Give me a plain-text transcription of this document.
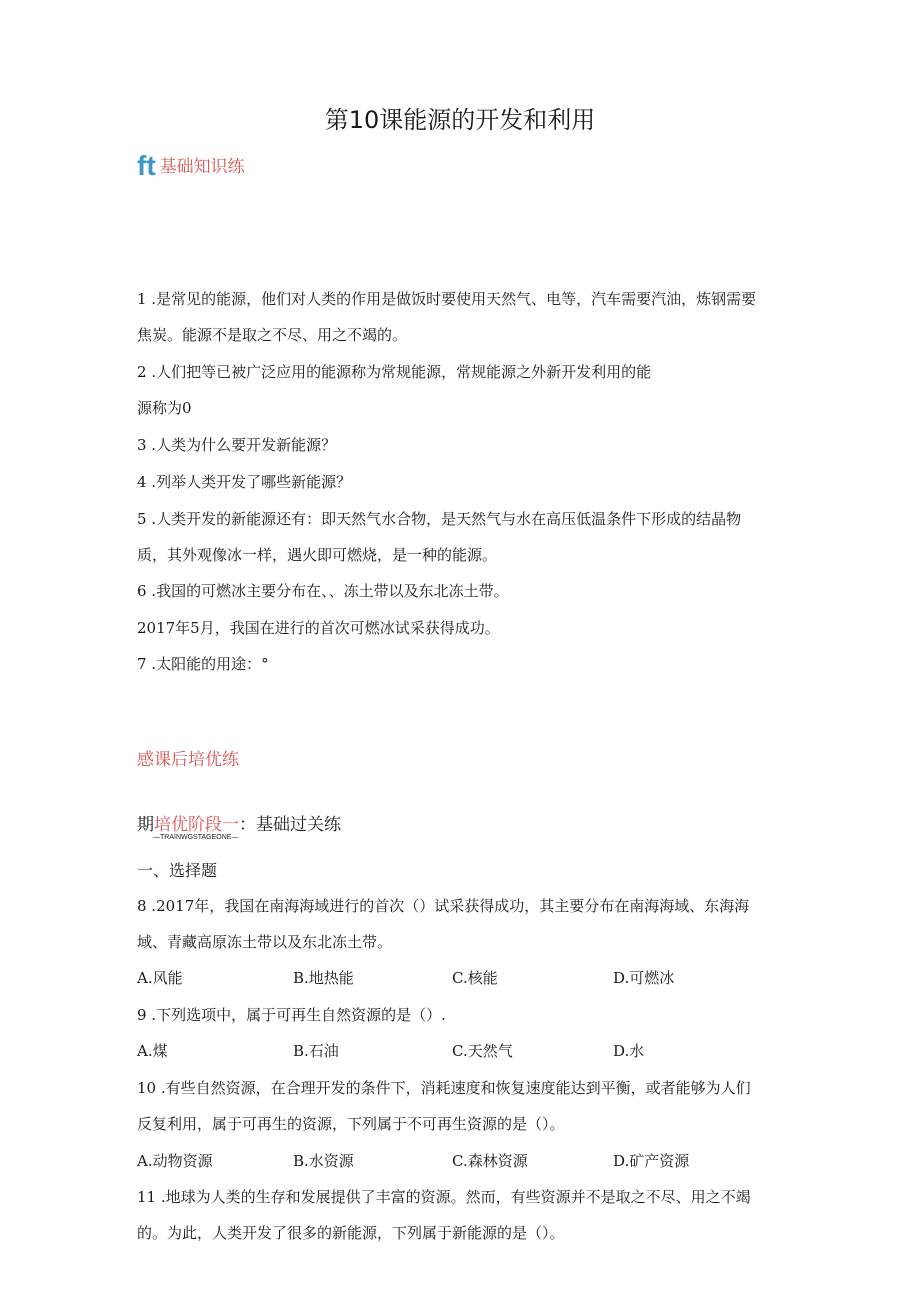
第10课能源的开发和利用
ft 基础知识练
1 .是常见的能源，他们对人类的作用是做饭时要使用天然气、电等，汽车需要汽油，炼钢需要
焦炭。能源不是取之不尽、用之不竭的。
2 .人们把等已被广泛应用的能源称为常规能源，常规能源之外新开发利用的能
源称为0
3 .人类为什么要开发新能源？
4 .列举人类开发了哪些新能源？
5 .人类开发的新能源还有：即天然气水合物，是天然气与水在高压低温条件下形成的结晶物
质，其外观像冰一样，遇火即可燃烧，是一种的能源。
6 .我国的可燃冰主要分布在、、冻土带以及东北冻土带。
2017年5月，我国在进行的首次可燃冰试采获得成功。
7 .太阳能的用途：°
感课后培优练
期培优阶段一：基础过关练
—TRAINWGSTAGEONE—
一、选择题
8 .2017年，我国在南海海域进行的首次（）试采获得成功，其主要分布在南海海域、东海海
域、青藏高原冻土带以及东北冻土带。
A.风能	B.地热能	C.核能	D.可燃冰
9 .下列选项中，属于可再生自然资源的是（）.
A.煤	B.石油	C.天然气	D.水
10 .有些自然资源，在合理开发的条件下，消耗速度和恢复速度能达到平衡，或者能够为人们
反复利用，属于可再生的资源，下列属于不可再生资源的是（）。
A.动物资源	B.水资源	C.森林资源	D.矿产资源
11 .地球为人类的生存和发展提供了丰富的资源。然而，有些资源并不是取之不尽、用之不竭
的。为此，人类开发了很多的新能源，下列属于新能源的是（）。
